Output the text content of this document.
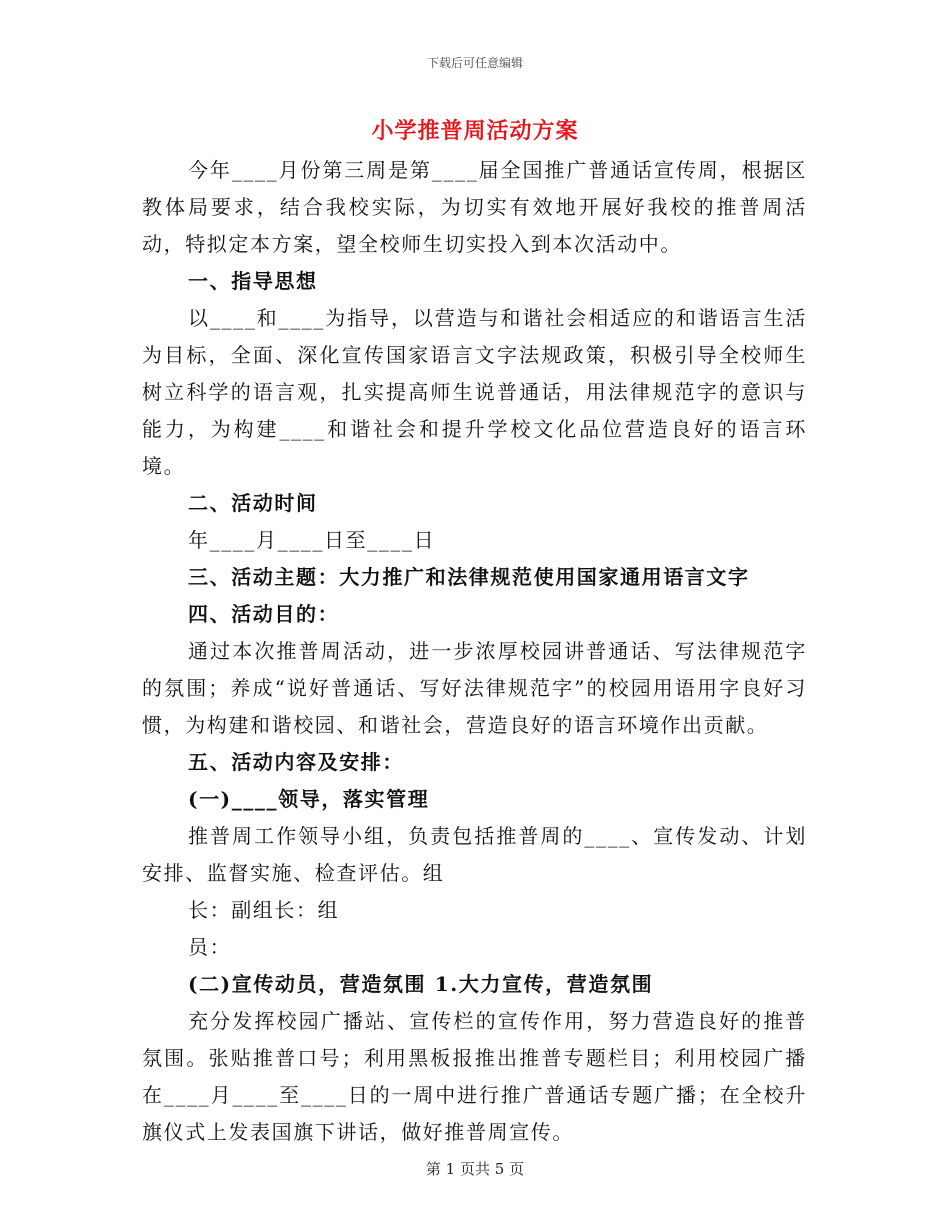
下载后可任意编辑
小学推普周活动方案

今年____月份第三周是第____届全国推广普通话宣传周，根据区教体局要求，结合我校实际，为切实有效地开展好我校的推普周活动，特拟定本方案，望全校师生切实投入到本次活动中。

一、指导思想

以____和____为指导，以营造与和谐社会相适应的和谐语言生活为目标，全面、深化宣传国家语言文字法规政策，积极引导全校师生树立科学的语言观，扎实提高师生说普通话，用法律规范字的意识与能力，为构建____和谐社会和提升学校文化品位营造良好的语言环境。

二、活动时间

年____月____日至____日

三、活动主题：大力推广和法律规范使用国家通用语言文字

四、活动目的：

通过本次推普周活动，进一步浓厚校园讲普通话、写法律规范字的氛围；养成“说好普通话、写好法律规范字”的校园用语用字良好习惯，为构建和谐校园、和谐社会，营造良好的语言环境作出贡献。

五、活动内容及安排：

(一)____领导，落实管理

推普周工作领导小组，负责包括推普周的____、宣传发动、计划安排、监督实施、检查评估。组

长：副组长：组

员：

(二)宣传动员，营造氛围 1.大力宣传，营造氛围

充分发挥校园广播站、宣传栏的宣传作用，努力营造良好的推普氛围。张贴推普口号；利用黑板报推出推普专题栏目；利用校园广播在____月____至____日的一周中进行推广普通话专题广播；在全校升旗仪式上发表国旗下讲话，做好推普周宣传。

第 1 页共 5 页
